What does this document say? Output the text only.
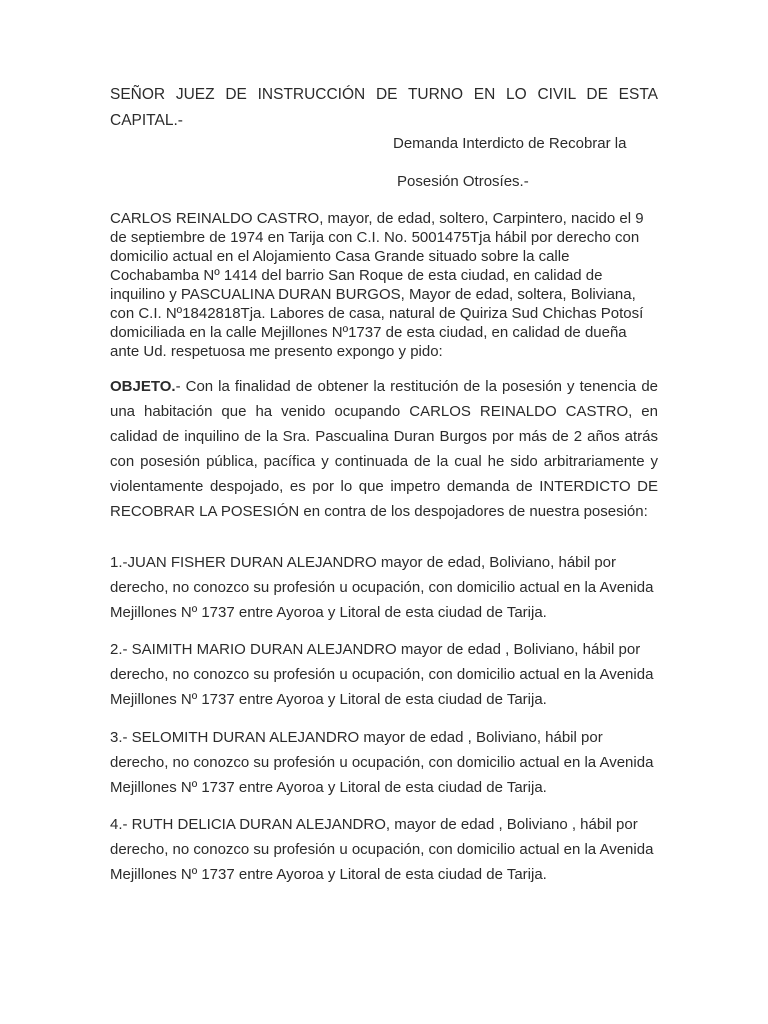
SEÑOR JUEZ DE INSTRUCCIÓN DE TURNO EN LO CIVIL DE ESTA CAPITAL.-

Demanda Interdicto de Recobrar la
Posesión Otrosíes.-

CARLOS REINALDO CASTRO, mayor, de edad, soltero, Carpintero, nacido el 9 de septiembre de 1974 en Tarija con C.I. No. 5001475Tja hábil por derecho con domicilio actual en el Alojamiento Casa Grande situado sobre la calle Cochabamba Nº 1414 del barrio San Roque de esta ciudad, en calidad de inquilino y PASCUALINA DURAN BURGOS, Mayor de edad, soltera, Boliviana, con C.I. Nº1842818Tja. Labores de casa, natural de Quiriza Sud Chichas Potosí domiciliada en la calle Mejillones Nº1737 de esta ciudad, en calidad de dueña ante Ud. respetuosa me presento expongo y pido:

OBJETO.- Con la finalidad de obtener la restitución de la posesión y tenencia de una habitación que ha venido ocupando CARLOS REINALDO CASTRO, en calidad de inquilino de la Sra. Pascualina Duran Burgos por más de 2 años atrás con posesión pública, pacífica y continuada de la cual he sido arbitrariamente y violentamente despojado, es por lo que impetro demanda de INTERDICTO DE RECOBRAR LA POSESIÓN en contra de los despojadores de nuestra posesión:

1.-JUAN FISHER DURAN ALEJANDRO mayor de edad, Boliviano, hábil por derecho, no conozco su profesión u ocupación, con domicilio actual en la Avenida Mejillones Nº 1737 entre Ayoroa y Litoral de esta ciudad de Tarija.

2.- SAIMITH MARIO DURAN ALEJANDRO mayor de edad , Boliviano, hábil por derecho, no conozco su profesión u ocupación, con domicilio actual en la Avenida Mejillones Nº 1737 entre Ayoroa y Litoral de esta ciudad de Tarija.

3.- SELOMITH DURAN ALEJANDRO mayor de edad , Boliviano, hábil por derecho, no conozco su profesión u ocupación, con domicilio actual en la Avenida Mejillones Nº 1737 entre Ayoroa y Litoral de esta ciudad de Tarija.

4.- RUTH DELICIA DURAN ALEJANDRO, mayor de edad , Boliviano , hábil por derecho, no conozco su profesión u ocupación, con domicilio actual en la Avenida Mejillones Nº 1737 entre Ayoroa y Litoral de esta ciudad de Tarija.
